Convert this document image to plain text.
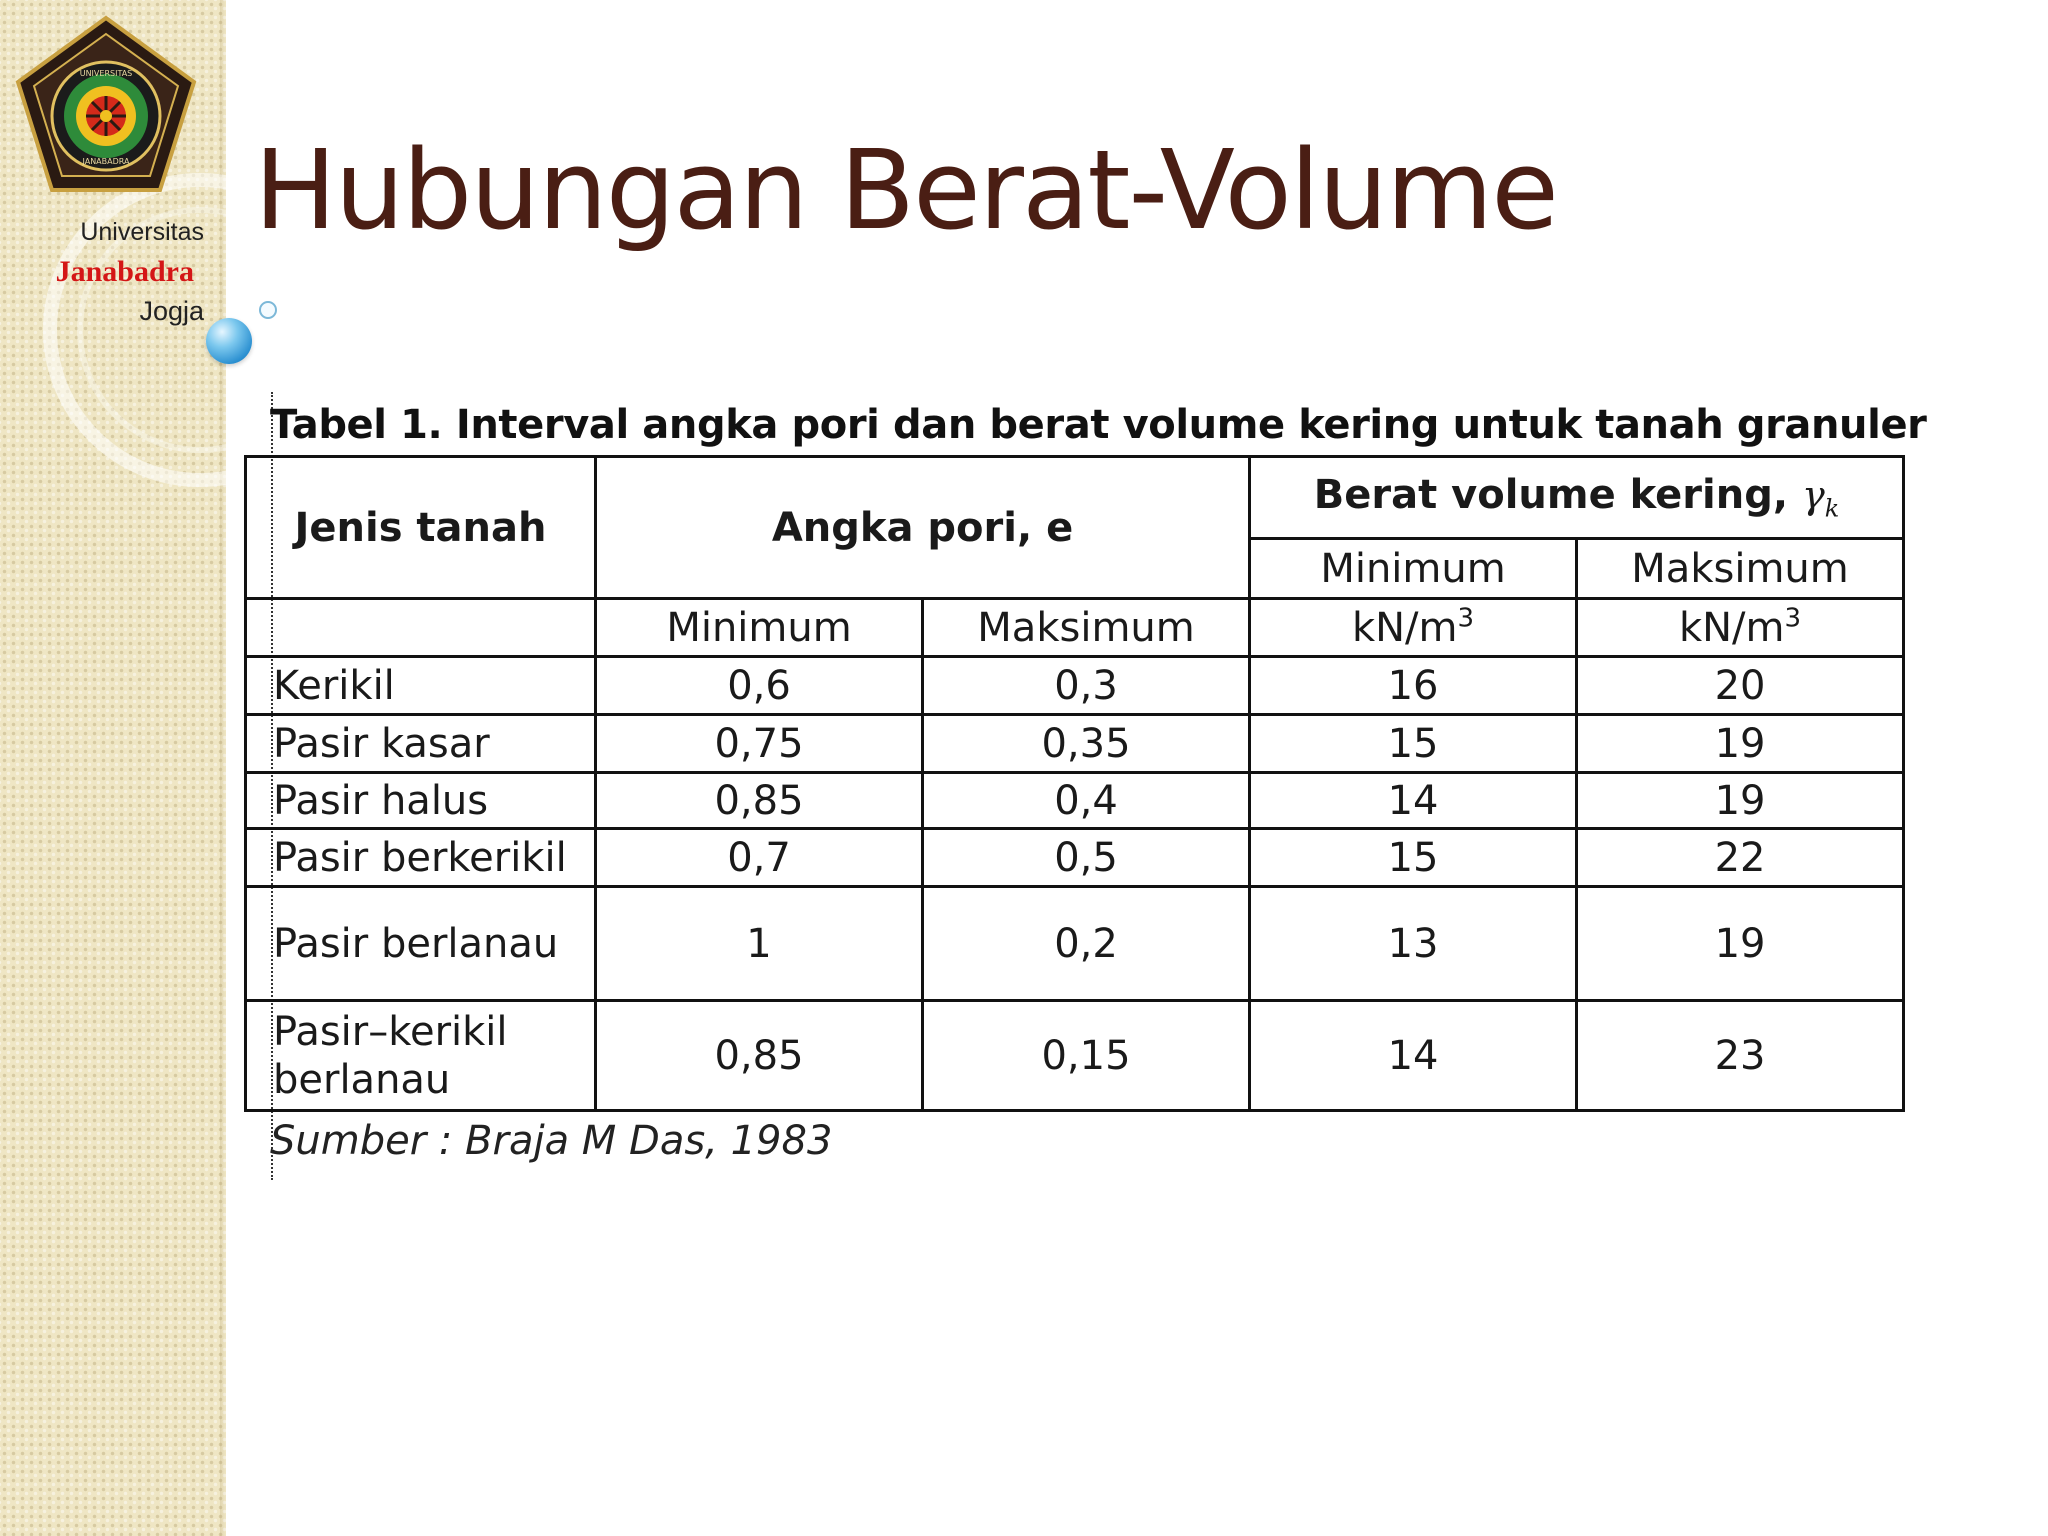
UNIVERSITAS
JANABADRA
Universitas
Janabadra
Jogja
Hubungan Berat-Volume
Tabel 1. Interval angka pori dan berat volume kering untuk tanah granuler
Jenis tanah	Angka pori, e		Berat volume kering, $\gamma_k$
			Minimum	Maksimum
	Minimum	Maksimum	$kN/m^3$	$kN/m^3$
Kerikil	0,6	0,3	16	20
Pasir kasar	0,75	0,35	15	19
Pasir halus	0,85	0,4	14	19
Pasir berkerikil	0,7	0,5	15	22
Pasir berlanau	1	0,2	13	19
Pasir–kerikil berlanau	0,85	0,15	14	23
Sumber : Braja M Das, 1983
